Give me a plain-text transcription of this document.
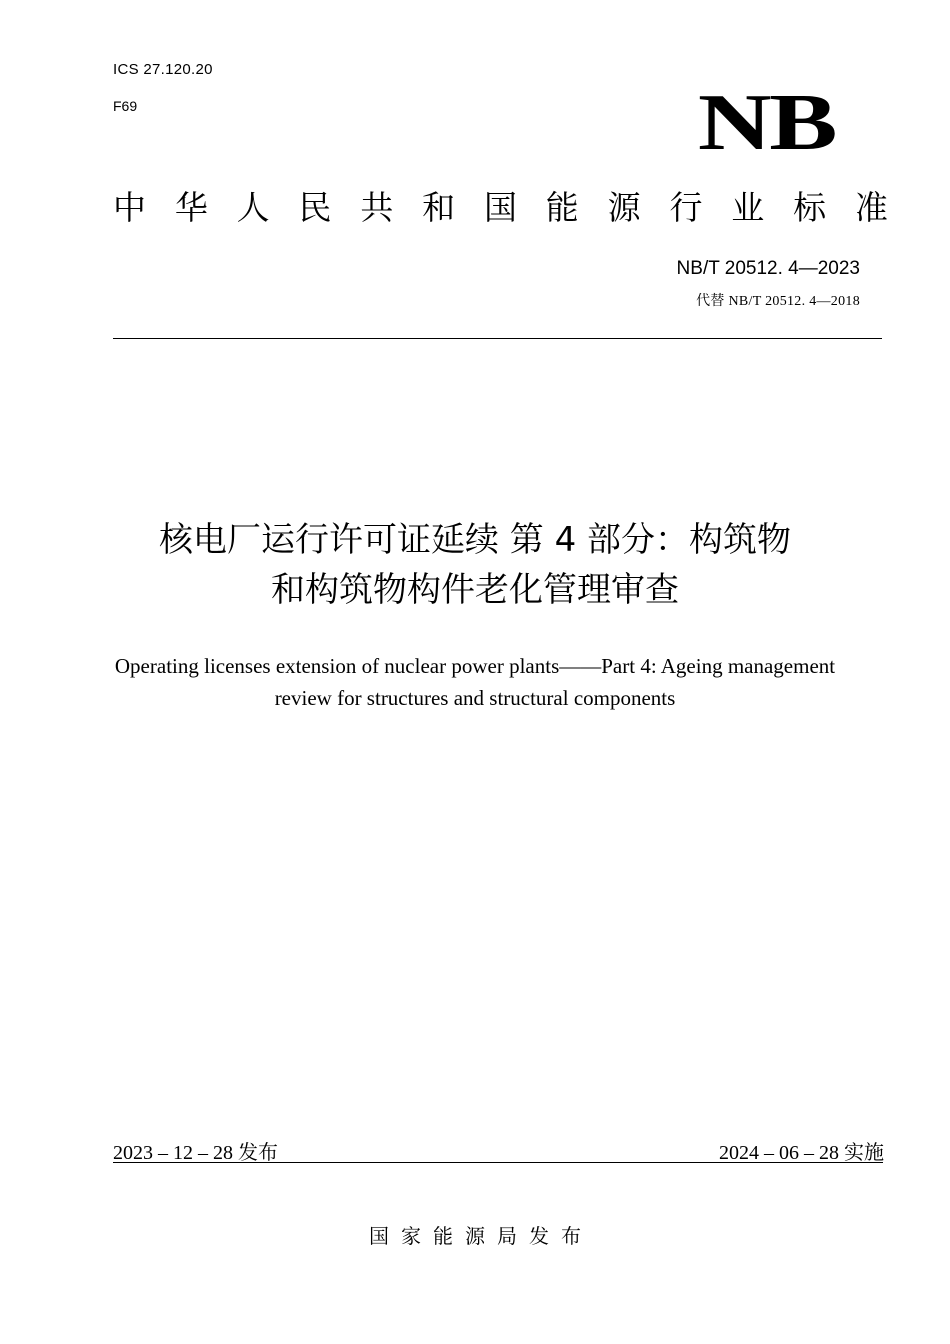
ICS 27.120.20
F69	NB
中 华 人 民 共 和 国 能 源 行 业 标 准
NB/T 20512. 4—2023
代替 NB/T 20512. 4—2018
核电厂运行许可证延续 第 4 部分：构筑物
和构筑物构件老化管理审查
Operating licenses extension of nuclear power plants——Part 4: Ageing management
review for structures and structural components
2023 – 12 – 28 发布	2024 – 06 – 28 实施
国家能源局发布
